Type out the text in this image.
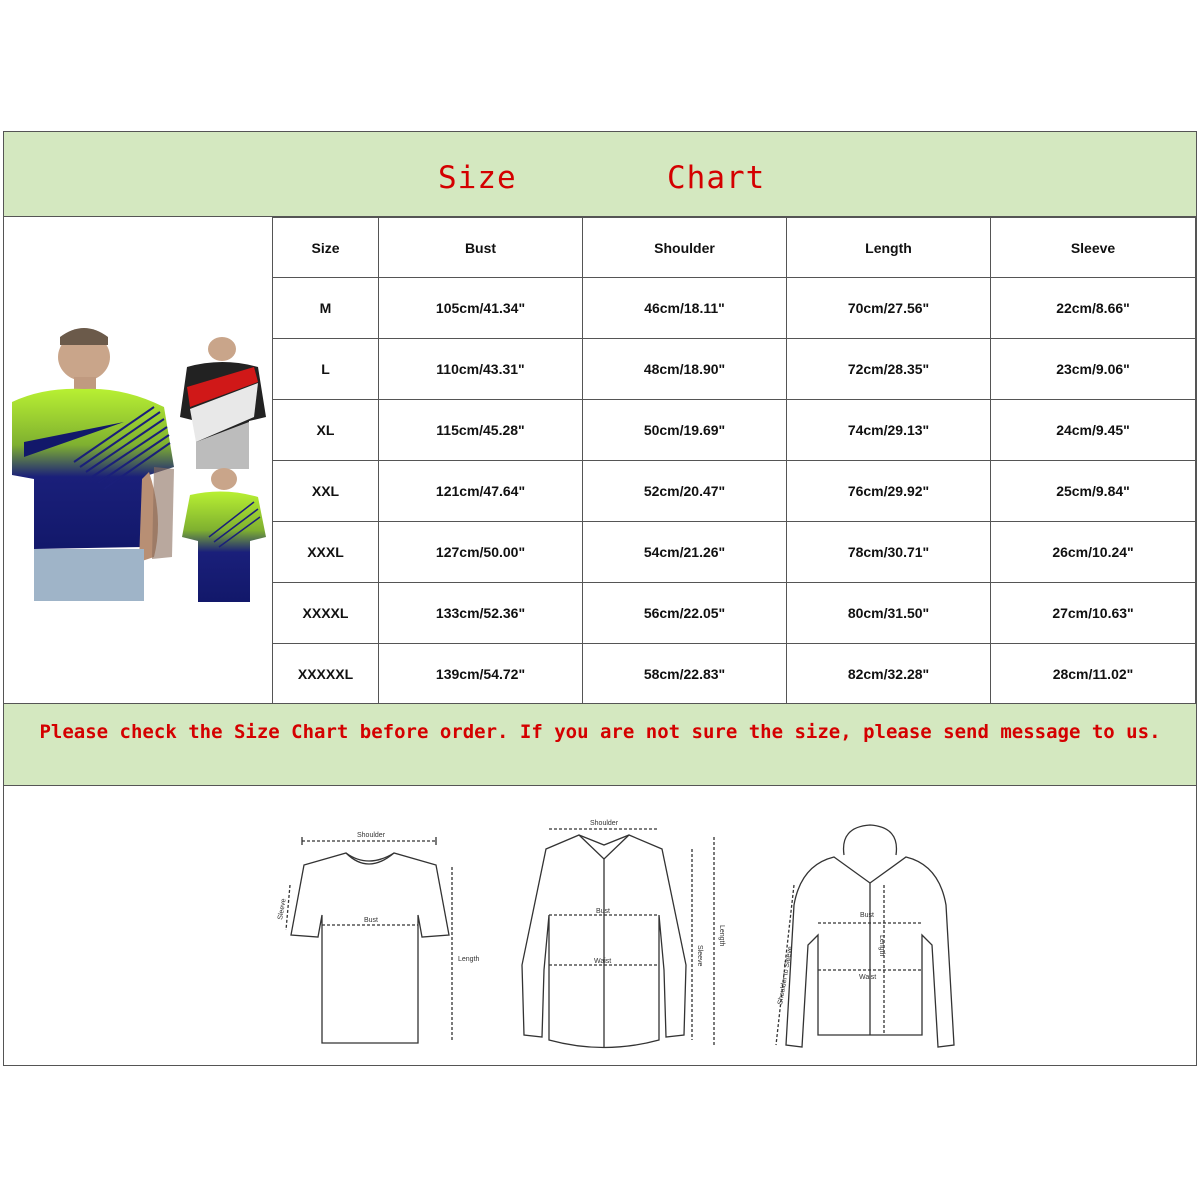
Size	Chart
Size	Bust	Shoulder	Length	Sleeve
M	105cm/41.34"	46cm/18.11"	70cm/27.56"	22cm/8.66"
L	110cm/43.31"	48cm/18.90"	72cm/28.35"	23cm/9.06"
XL	115cm/45.28"	50cm/19.69"	74cm/29.13"	24cm/9.45"
XXL	121cm/47.64"	52cm/20.47"	76cm/29.92"	25cm/9.84"
XXXL	127cm/50.00"	54cm/21.26"	78cm/30.71"	26cm/10.24"
XXXXL	133cm/52.36"	56cm/22.05"	80cm/31.50"	27cm/10.63"
XXXXXL	139cm/54.72"	58cm/22.83"	82cm/32.28"	28cm/11.02"
Please check the Size Chart before order. If you are not sure the size, please send message to us.
Shoulder
Bust
Length
Sleeve
Shoulder
Bust
Waist	Sleeve
Length
Shoulder to Sleeve
Bust
Length
Waist
